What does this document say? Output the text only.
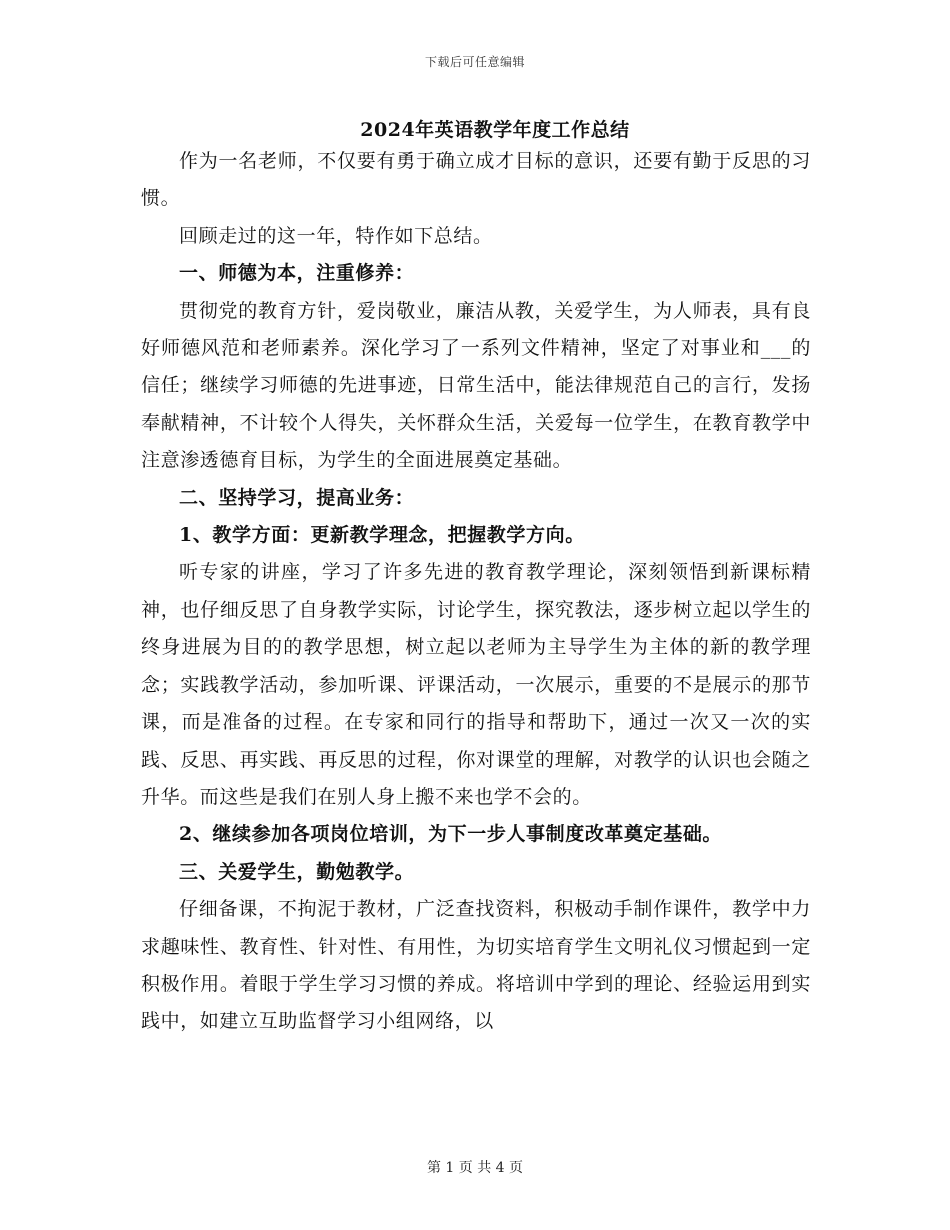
下载后可任意编辑
2024年英语教学年度工作总结

作为一名老师，不仅要有勇于确立成才目标的意识，还要有勤于反思的习惯。

回顾走过的这一年，特作如下总结。

一、师德为本，注重修养：

贯彻党的教育方针，爱岗敬业，廉洁从教，关爱学生，为人师表，具有良好师德风范和老师素养。深化学习了一系列文件精神，坚定了对事业和___的信任；继续学习师德的先进事迹，日常生活中，能法律规范自己的言行，发扬奉献精神，不计较个人得失，关怀群众生活，关爱每一位学生，在教育教学中注意渗透德育目标，为学生的全面进展奠定基础。

二、坚持学习，提高业务：

1、教学方面：更新教学理念，把握教学方向。

听专家的讲座，学习了许多先进的教育教学理论，深刻领悟到新课标精神，也仔细反思了自身教学实际，讨论学生，探究教法，逐步树立起以学生的终身进展为目的的教学思想，树立起以老师为主导学生为主体的新的教学理念；实践教学活动，参加听课、评课活动，一次展示，重要的不是展示的那节课，而是准备的过程。在专家和同行的指导和帮助下，通过一次又一次的实践、反思、再实践、再反思的过程，你对课堂的理解，对教学的认识也会随之升华。而这些是我们在别人身上搬不来也学不会的。

2、继续参加各项岗位培训，为下一步人事制度改革奠定基础。

三、关爱学生，勤勉教学。

仔细备课，不拘泥于教材，广泛查找资料，积极动手制作课件，教学中力求趣味性、教育性、针对性、有用性，为切实培育学生文明礼仪习惯起到一定积极作用。着眼于学生学习习惯的养成。将培训中学到的理论、经验运用到实践中，如建立互助监督学习小组网络，以

第 1 页 共 4 页
